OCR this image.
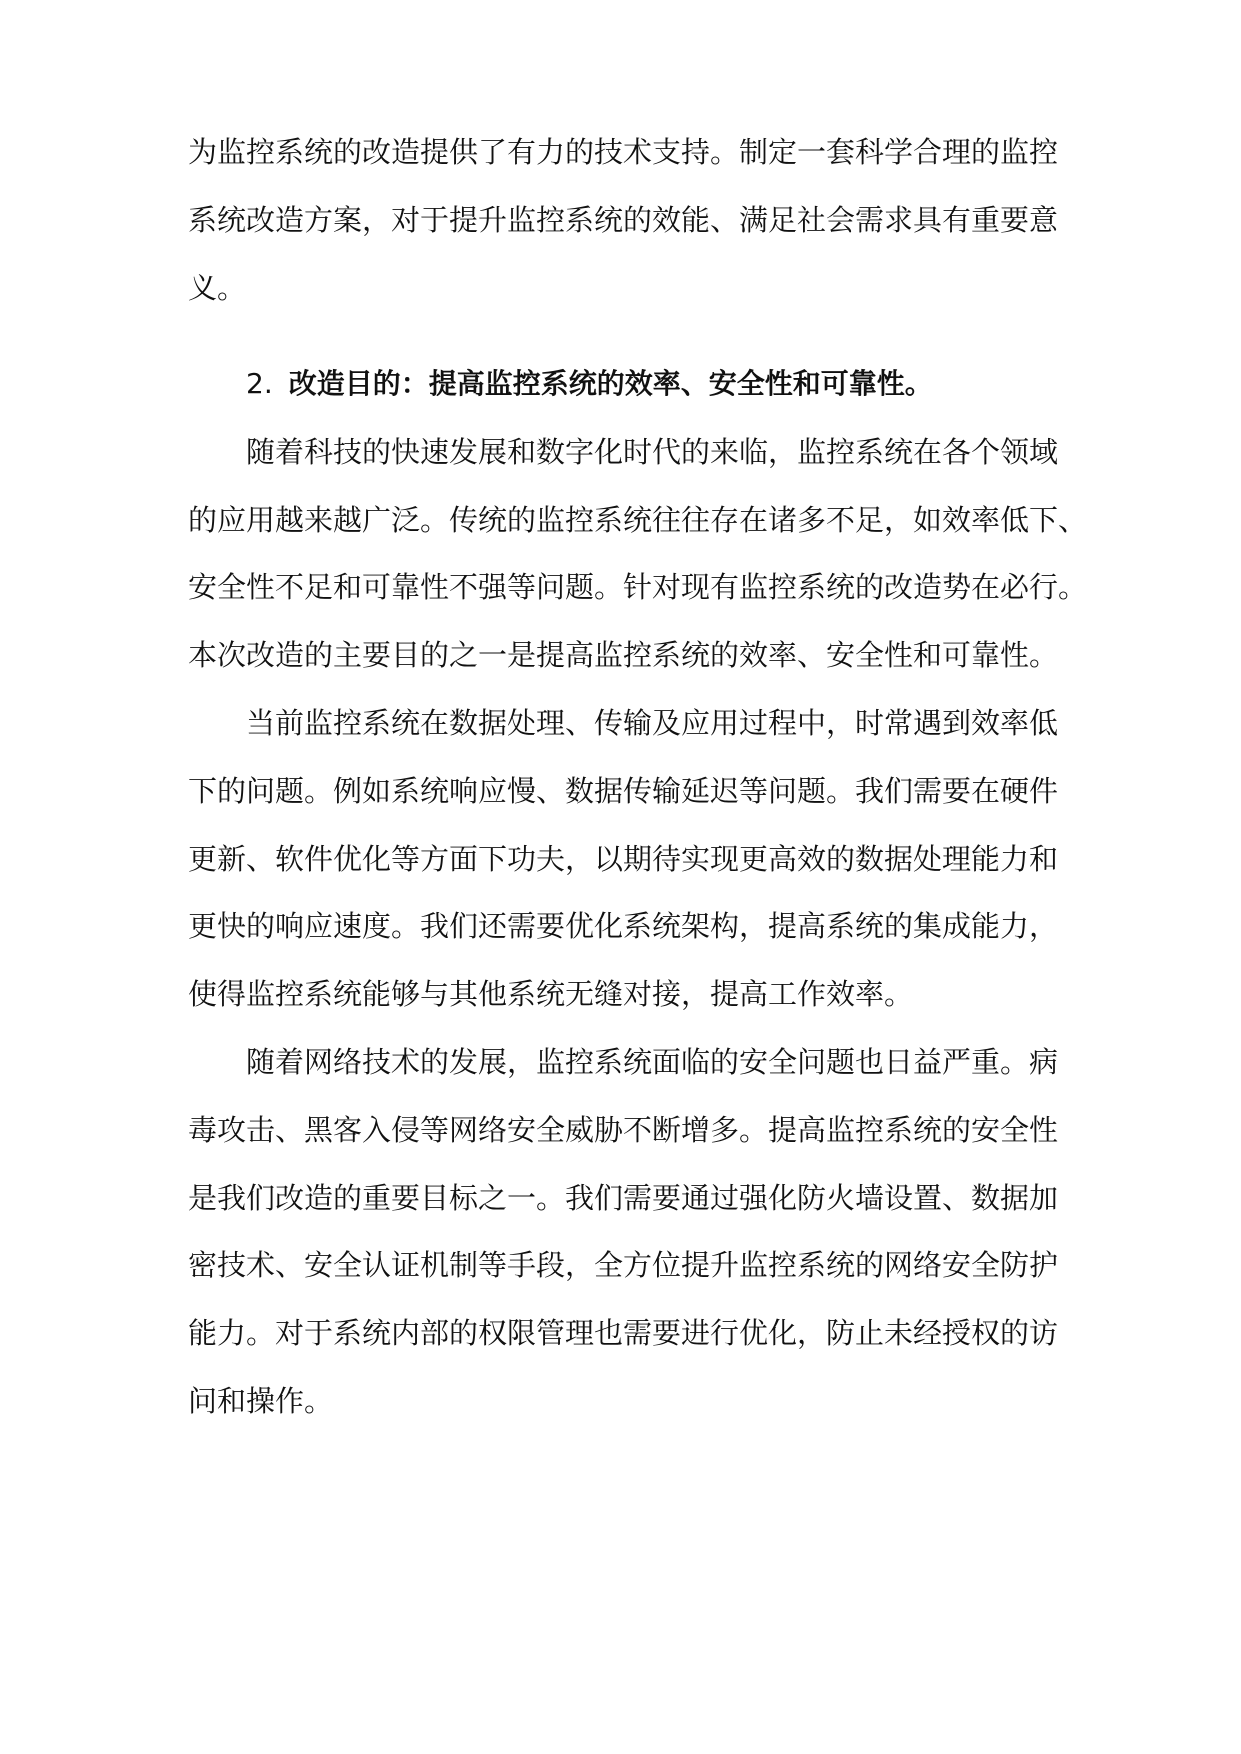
为监控系统的改造提供了有力的技术支持。制定一套科学合理的监控
系统改造方案，对于提升监控系统的效能、满足社会需求具有重要意
义。
2. 改造目的：提高监控系统的效率、安全性和可靠性。
随着科技的快速发展和数字化时代的来临，监控系统在各个领域
的应用越来越广泛。传统的监控系统往往存在诸多不足，如效率低下、
安全性不足和可靠性不强等问题。针对现有监控系统的改造势在必行。
本次改造的主要目的之一是提高监控系统的效率、安全性和可靠性。
当前监控系统在数据处理、传输及应用过程中，时常遇到效率低
下的问题。例如系统响应慢、数据传输延迟等问题。我们需要在硬件
更新、软件优化等方面下功夫，以期待实现更高效的数据处理能力和
更快的响应速度。我们还需要优化系统架构，提高系统的集成能力，
使得监控系统能够与其他系统无缝对接，提高工作效率。
随着网络技术的发展，监控系统面临的安全问题也日益严重。病
毒攻击、黑客入侵等网络安全威胁不断增多。提高监控系统的安全性
是我们改造的重要目标之一。我们需要通过强化防火墙设置、数据加
密技术、安全认证机制等手段，全方位提升监控系统的网络安全防护
能力。对于系统内部的权限管理也需要进行优化，防止未经授权的访
问和操作。
